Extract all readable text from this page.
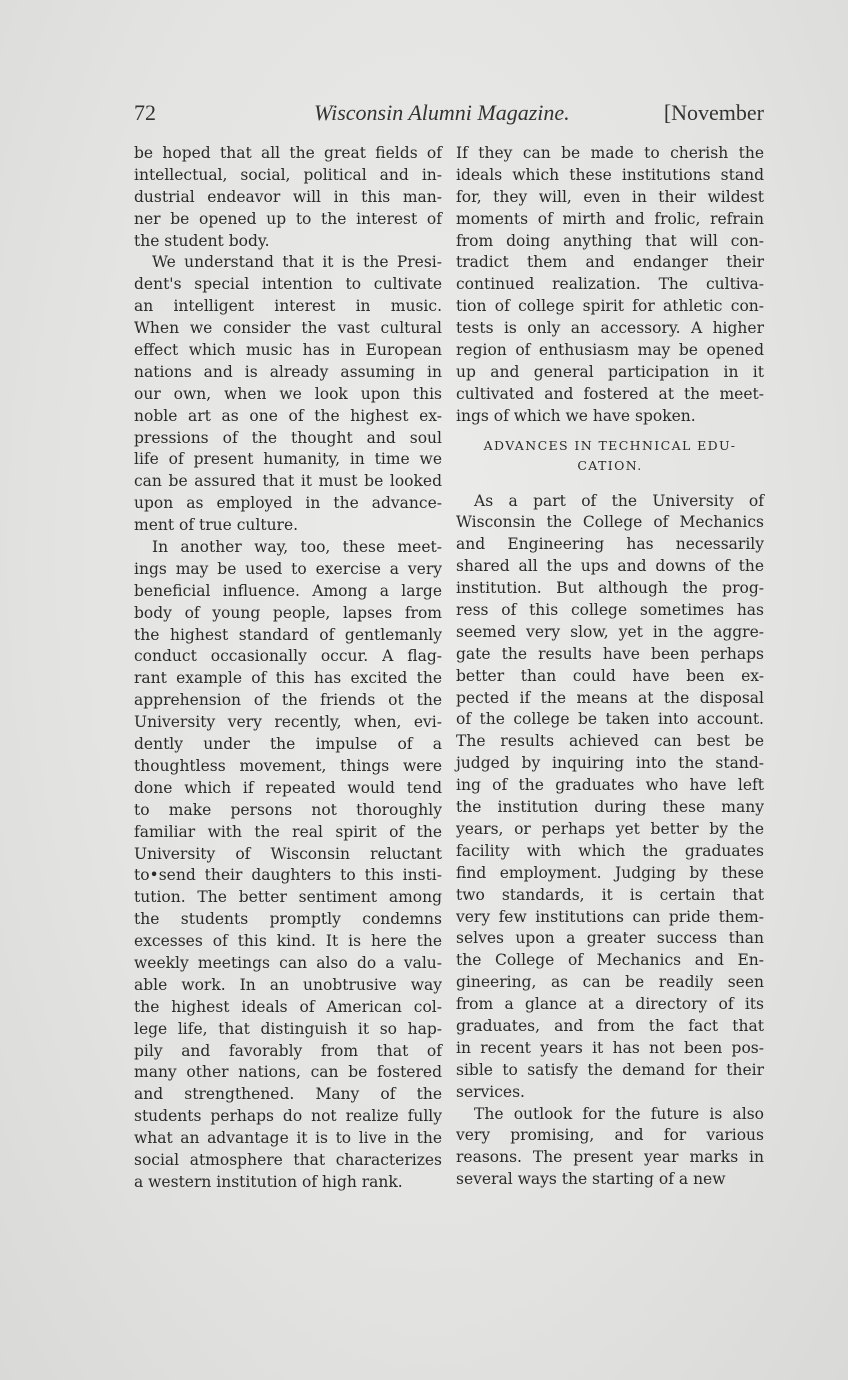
72	Wisconsin Alumni Magazine.	[November
be hoped that all the great fields of
intellectual, social, political and in-
dustrial endeavor will in this man-
ner be opened up to the interest of
the student body.
We understand that it is the Presi-
dent's special intention to cultivate
an intelligent interest in music.
When we consider the vast cultural
effect which music has in European
nations and is already assuming in
our own, when we look upon this
noble art as one of the highest ex-
pressions of the thought and soul
life of present humanity, in time we
can be assured that it must be looked
upon as employed in the advance-
ment of true culture.
In another way, too, these meet-
ings may be used to exercise a very
beneficial influence. Among a large
body of young people, lapses from
the highest standard of gentlemanly
conduct occasionally occur. A flag-
rant example of this has excited the
apprehension of the friends ot the
University very recently, when, evi-
dently under the impulse of a
thoughtless movement, things were
done which if repeated would tend
to make persons not thoroughly
familiar with the real spirit of the
University of Wisconsin reluctant
to•send their daughters to this insti-
tution. The better sentiment among
the students promptly condemns
excesses of this kind. It is here the
weekly meetings can also do a valu-
able work. In an unobtrusive way
the highest ideals of American col-
lege life, that distinguish it so hap-
pily and favorably from that of
many other nations, can be fostered
and strengthened. Many of the
students perhaps do not realize fully
what an advantage it is to live in the
social atmosphere that characterizes
a western institution of high rank.
If they can be made to cherish the
ideals which these institutions stand
for, they will, even in their wildest
moments of mirth and frolic, refrain
from doing anything that will con-
tradict them and endanger their
continued realization. The cultiva-
tion of college spirit for athletic con-
tests is only an accessory. A higher
region of enthusiasm may be opened
up and general participation in it
cultivated and fostered at the meet-
ings of which we have spoken.
ADVANCES IN TECHNICAL EDU-
CATION.
As a part of the University of
Wisconsin the College of Mechanics
and Engineering has necessarily
shared all the ups and downs of the
institution. But although the prog-
ress of this college sometimes has
seemed very slow, yet in the aggre-
gate the results have been perhaps
better than could have been ex-
pected if the means at the disposal
of the college be taken into account.
The results achieved can best be
judged by inquiring into the stand-
ing of the graduates who have left
the institution during these many
years, or perhaps yet better by the
facility with which the graduates
find employment. Judging by these
two standards, it is certain that
very few institutions can pride them-
selves upon a greater success than
the College of Mechanics and En-
gineering, as can be readily seen
from a glance at a directory of its
graduates, and from the fact that
in recent years it has not been pos-
sible to satisfy the demand for their
services.
The outlook for the future is also
very promising, and for various
reasons. The present year marks in
several ways the starting of a new
